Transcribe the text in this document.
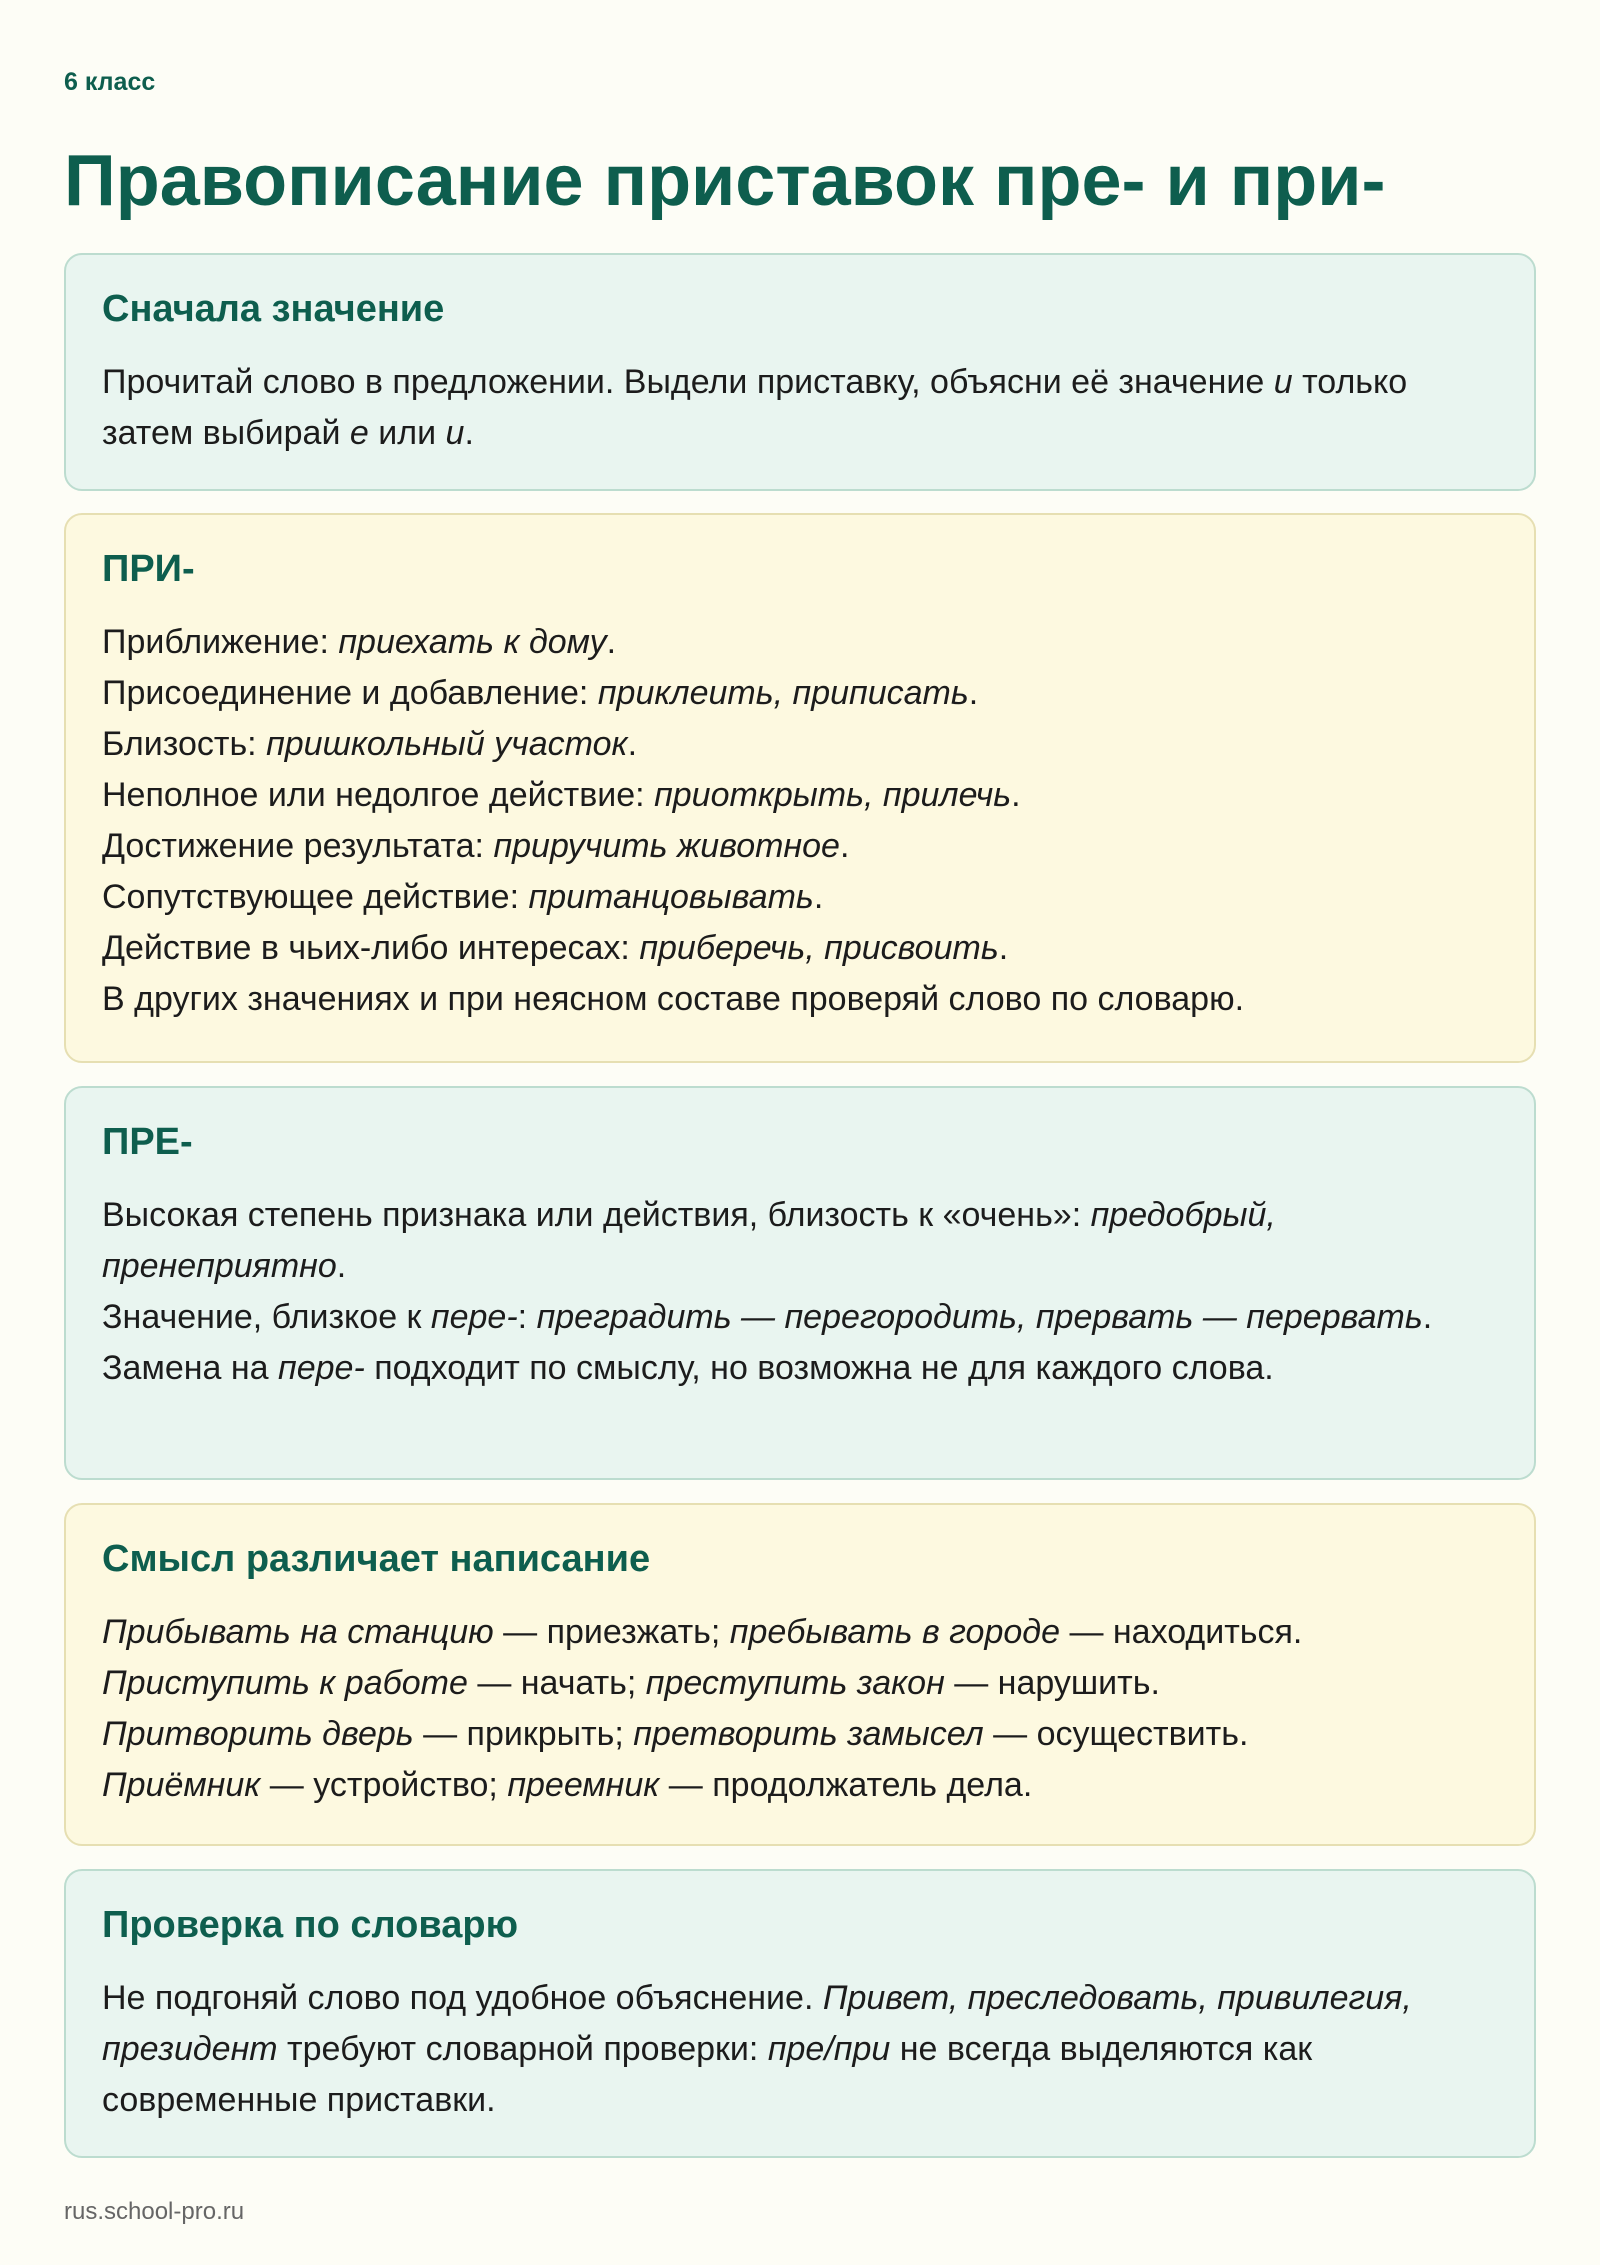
6 класс
Правописание приставок пре- и при-
Сначала значение

Прочитай слово в предложении. Выдели приставку, объясни её значение и только затем выбирай е или и.

ПРИ-

Приближение: приехать к дому.

Присоединение и добавление: приклеить, приписать.

Близость: пришкольный участок.

Неполное или недолгое действие: приоткрыть, прилечь.

Достижение результата: приручить животное.

Сопутствующее действие: пританцовывать.

Действие в чьих-либо интересах: приберечь, присвоить.

В других значениях и при неясном составе проверяй слово по словарю.

ПРЕ-

Высокая степень признака или действия, близость к «очень»: предобрый, пренеприятно.

Значение, близкое к пере-: преградить — перегородить, прервать — перервать.

Замена на пере- подходит по смыслу, но возможна не для каждого слова.

Смысл различает написание

Прибывать на станцию — приезжать; пребывать в городе — находиться.

Приступить к работе — начать; преступить закон — нарушить.

Притворить дверь — прикрыть; претворить замысел — осуществить.

Приёмник — устройство; преемник — продолжатель дела.

Проверка по словарю

Не подгоняй слово под удобное объяснение. Привет, преследовать, привилегия, президент требуют словарной проверки: пре/при не всегда выделяются как современные приставки.

rus.school-pro.ru
